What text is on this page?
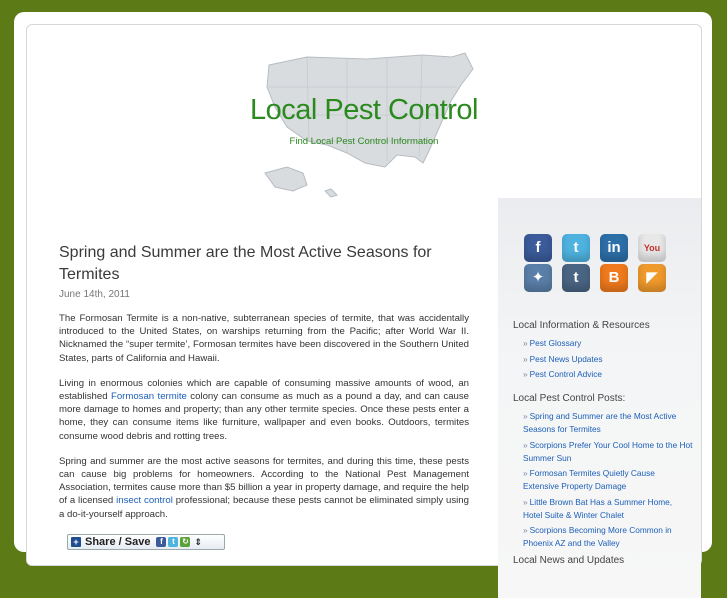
Local Pest Control
Find Local Pest Control Information
Spring and Summer are the Most Active Seasons for Termites
June 14th, 2011

The Formosan Termite is a non-native, subterranean species of termite, that was accidentally introduced to the United States, on warships returning from the Pacific; after World War II. Nicknamed the “super termite’, Formosan termites have been discovered in the Southern United States, parts of California and Hawaii.

Living in enormous colonies which are capable of consuming massive amounts of wood, an established Formosan termite colony can consume as much as a pound a day, and can cause more damage to homes and property; than any other termite species. Once these pests enter a home, they can consume items like furniture, wallpaper and even books. Outdoors, termites consume wood debris and rotting trees.

Spring and summer are the most active seasons for termites, and during this time, these pests can cause big problems for homeowners. According to the National Pest Management Association, termites cause more than $5 billion a year in property damage, and require the help of a licensed insect control professional; because these pests cannot be eliminated simply using a do-it-yourself approach.

+ Share / Save	f	t ↻ ⇕
f	t	in	You
✦	t	B	◤
Local Information & Resources
» Pest Glossary
» Pest News Updates
» Pest Control Advice
Local Pest Control Posts:
» Spring and Summer are the Most Active Seasons for Termites
» Scorpions Prefer Your Cool Home to the Hot Summer Sun
» Formosan Termites Quietly Cause Extensive Property Damage
» Little Brown Bat Has a Summer Home, Hotel Suite & Winter Chalet
» Scorpions Becoming More Common in Phoenix AZ and the Valley
Local News and Updates
